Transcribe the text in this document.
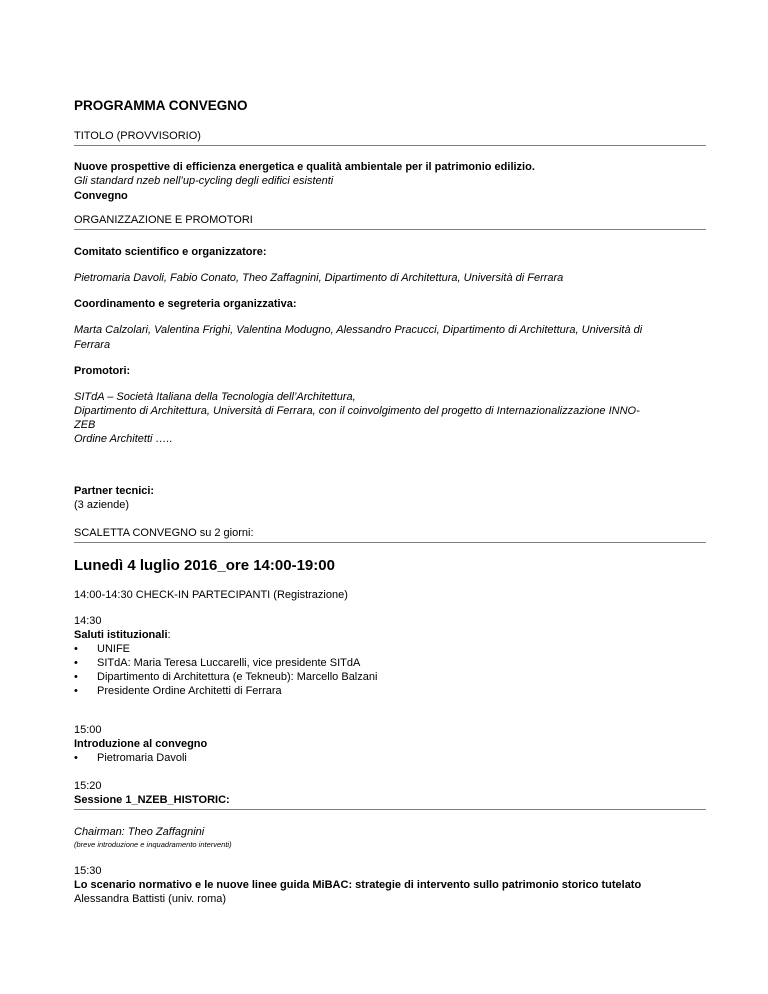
PROGRAMMA CONVEGNO
TITOLO (PROVVISORIO)
Nuove prospettive di efficienza energetica e qualità ambientale per il patrimonio edilizio.
Gli standard nzeb nell’up-cycling degli edifici esistenti
Convegno
ORGANIZZAZIONE E PROMOTORI
Comitato scientifico e organizzatore:
Pietromaria Davoli, Fabio Conato, Theo Zaffagnini, Dipartimento di Architettura, Università di Ferrara
Coordinamento e segreteria organizzativa:
Marta Calzolari, Valentina Frighi, Valentina Modugno, Alessandro Pracucci, Dipartimento di Architettura, Università di
Ferrara
Promotori:
SITdA – Società Italiana della Tecnologia dell’Architettura,
Dipartimento di Architettura, Università di Ferrara, con il coinvolgimento del progetto di Internazionalizzazione INNO-
ZEB
Ordine Architetti …..
Partner tecnici:
(3 aziende)
SCALETTA CONVEGNO su 2 giorni:
Lunedì 4 luglio 2016_ore 14:00-19:00
14:00-14:30 CHECK-IN PARTECIPANTI (Registrazione)
14:30
Saluti istituzionali:
• UNIFE
• SITdA: Maria Teresa Luccarelli, vice presidente SITdA
• Dipartimento di Architettura (e Tekneub): Marcello Balzani
• Presidente Ordine Architetti di Ferrara
15:00
Introduzione al convegno
• Pietromaria Davoli
15:20
Sessione 1_NZEB_HISTORIC:
Chairman: Theo Zaffagnini
(breve introduzione e inquadramento interventi)
15:30
Lo scenario normativo e le nuove linee guida MiBAC: strategie di intervento sullo patrimonio storico tutelato
Alessandra Battisti (univ. roma)
